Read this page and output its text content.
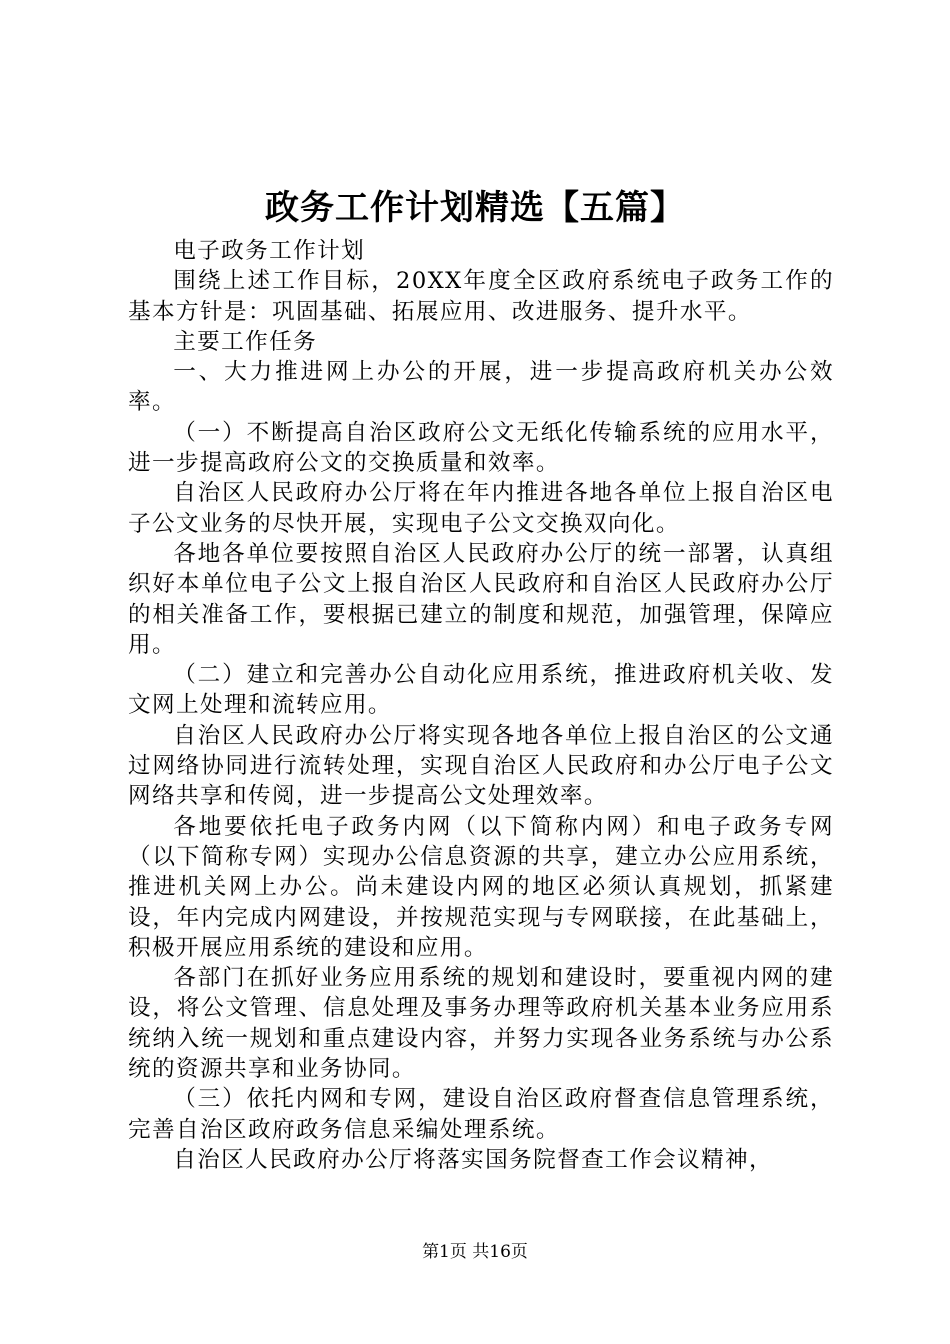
政务工作计划精选【五篇】

电子政务工作计划

围绕上述工作目标，20XX年度全区政府系统电子政务工作的基本方针是：巩固基础、拓展应用、改进服务、提升水平。

主要工作任务

一、大力推进网上办公的开展，进一步提高政府机关办公效率。

（一）不断提高自治区政府公文无纸化传输系统的应用水平，进一步提高政府公文的交换质量和效率。

自治区人民政府办公厅将在年内推进各地各单位上报自治区电子公文业务的尽快开展，实现电子公文交换双向化。

各地各单位要按照自治区人民政府办公厅的统一部署，认真组织好本单位电子公文上报自治区人民政府和自治区人民政府办公厅的相关准备工作，要根据已建立的制度和规范，加强管理，保障应用。

（二）建立和完善办公自动化应用系统，推进政府机关收、发文网上处理和流转应用。

自治区人民政府办公厅将实现各地各单位上报自治区的公文通过网络协同进行流转处理，实现自治区人民政府和办公厅电子公文网络共享和传阅，进一步提高公文处理效率。

各地要依托电子政务内网（以下简称内网）和电子政务专网（以下简称专网）实现办公信息资源的共享，建立办公应用系统，推进机关网上办公。尚未建设内网的地区必须认真规划，抓紧建设，年内完成内网建设，并按规范实现与专网联接，在此基础上，积极开展应用系统的建设和应用。

各部门在抓好业务应用系统的规划和建设时，要重视内网的建设，将公文管理、信息处理及事务办理等政府机关基本业务应用系统纳入统一规划和重点建设内容，并努力实现各业务系统与办公系统的资源共享和业务协同。

（三）依托内网和专网，建设自治区政府督查信息管理系统，完善自治区政府政务信息采编处理系统。

自治区人民政府办公厅将落实国务院督查工作会议精神，

第1页 共16页
